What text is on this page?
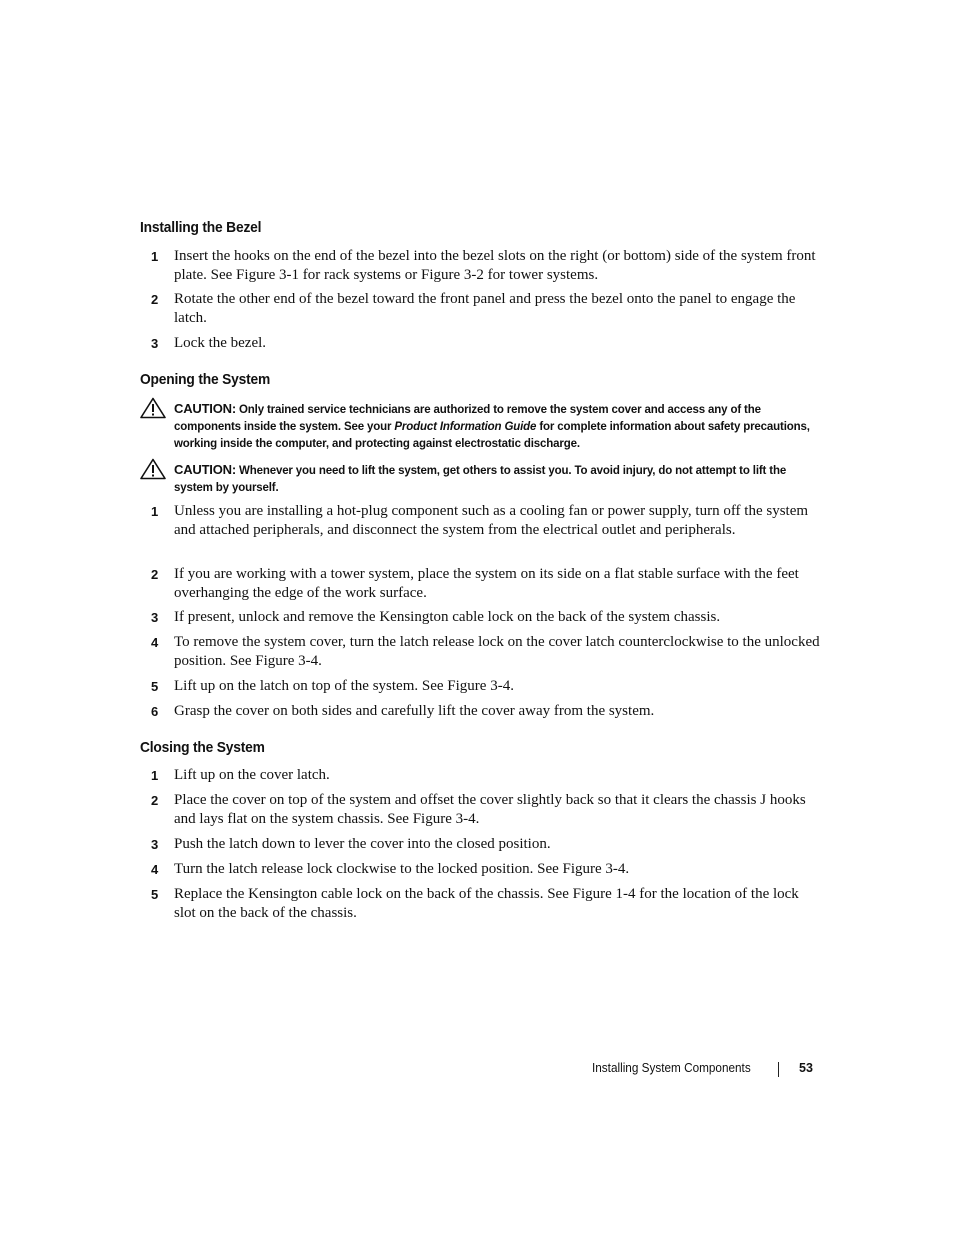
Installing the Bezel
1 Insert the hooks on the end of the bezel into the bezel slots on the right (or bottom) side of the system front plate. See Figure 3-1 for rack systems or Figure 3-2 for tower systems.
2 Rotate the other end of the bezel toward the front panel and press the bezel onto the panel to engage the latch.
3 Lock the bezel.
Opening the System
CAUTION: Only trained service technicians are authorized to remove the system cover and access any of the components inside the system. See your Product Information Guide for complete information about safety precautions, working inside the computer, and protecting against electrostatic discharge.
CAUTION: Whenever you need to lift the system, get others to assist you. To avoid injury, do not attempt to lift the system by yourself.
1 Unless you are installing a hot-plug component such as a cooling fan or power supply, turn off the system and attached peripherals, and disconnect the system from the electrical outlet and peripherals.
2 If you are working with a tower system, place the system on its side on a flat stable surface with the feet overhanging the edge of the work surface.
3 If present, unlock and remove the Kensington cable lock on the back of the system chassis.
4 To remove the system cover, turn the latch release lock on the cover latch counterclockwise to the unlocked position. See Figure 3-4.
5 Lift up on the latch on top of the system. See Figure 3-4.
6 Grasp the cover on both sides and carefully lift the cover away from the system.
Closing the System
1 Lift up on the cover latch.
2 Place the cover on top of the system and offset the cover slightly back so that it clears the chassis J hooks and lays flat on the system chassis. See Figure 3-4.
3 Push the latch down to lever the cover into the closed position.
4 Turn the latch release lock clockwise to the locked position. See Figure 3-4.
5 Replace the Kensington cable lock on the back of the chassis. See Figure 1-4 for the location of the lock slot on the back of the chassis.
Installing System Components	53
